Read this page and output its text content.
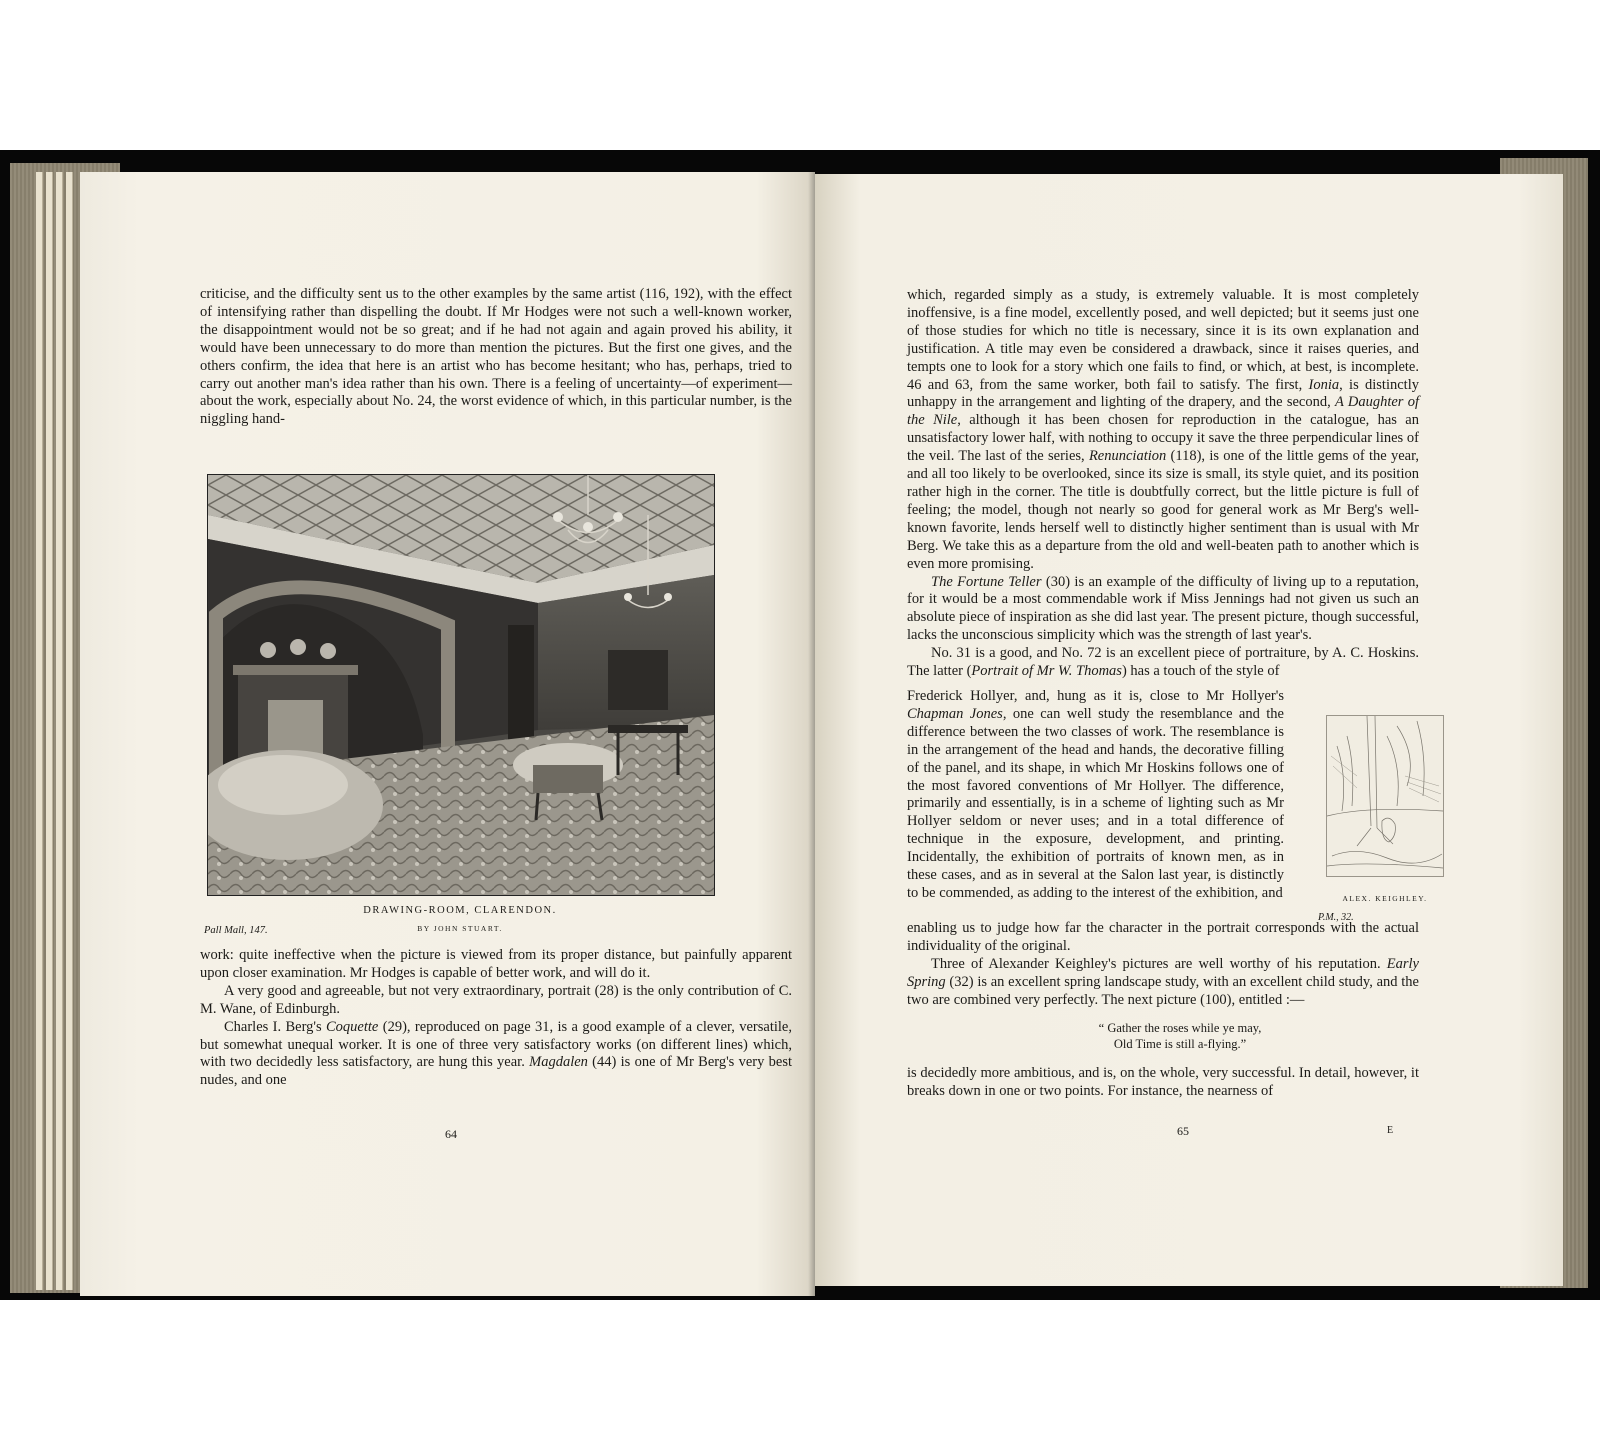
criticise, and the difficulty sent us to the other examples by the same artist (116, 192), with the effect of intensifying rather than dispelling the doubt. If Mr Hodges were not such a well-known worker, the disappointment would not be so great; and if he had not again and again proved his ability, it would have been unnecessary to do more than mention the pictures. But the first one gives, and the others confirm, the idea that here is an artist who has become hesitant; who has, perhaps, tried to carry out another man's idea rather than his own. There is a feeling of uncertainty—of experiment—about the work, especially about No. 24, the worst evidence of which, in this particular number, is the niggling hand-

DRAWING-ROOM, CLARENDON.
BY JOHN STUART.
Pall Mall, 147.

work: quite ineffective when the picture is viewed from its proper distance, but painfully apparent upon closer examination. Mr Hodges is capable of better work, and will do it.

A very good and agreeable, but not very extraordinary, portrait (28) is the only contribution of C. M. Wane, of Edinburgh.

Charles I. Berg's Coquette (29), reproduced on page 31, is a good example of a clever, versatile, but somewhat unequal worker. It is one of three very satisfactory works (on different lines) which, with two decidedly less satisfactory, are hung this year. Magdalen (44) is one of Mr Berg's very best nudes, and one

64

which, regarded simply as a study, is extremely valuable. It is most completely inoffensive, is a fine model, excellently posed, and well depicted; but it seems just one of those studies for which no title is necessary, since it is its own explanation and justification. A title may even be considered a drawback, since it raises queries, and tempts one to look for a story which one fails to find, or which, at best, is incomplete. 46 and 63, from the same worker, both fail to satisfy. The first, Ionia, is distinctly unhappy in the arrangement and lighting of the drapery, and the second, A Daughter of the Nile, although it has been chosen for reproduction in the catalogue, has an unsatisfactory lower half, with nothing to occupy it save the three perpendicular lines of the veil. The last of the series, Renunciation (118), is one of the little gems of the year, and all too likely to be overlooked, since its size is small, its style quiet, and its position rather high in the corner. The title is doubtfully correct, but the little picture is full of feeling; the model, though not nearly so good for general work as Mr Berg's well-known favorite, lends herself well to distinctly higher sentiment than is usual with Mr Berg. We take this as a departure from the old and well-beaten path to another which is even more promising.

The Fortune Teller (30) is an example of the difficulty of living up to a reputation, for it would be a most commendable work if Miss Jennings had not given us such an absolute piece of inspiration as she did last year. The present picture, though successful, lacks the unconscious simplicity which was the strength of last year's.

No. 31 is a good, and No. 72 is an excellent piece of portraiture, by A. C. Hoskins. The latter (Portrait of Mr W. Thomas) has a touch of the style of

Frederick Hollyer, and, hung as it is, close to Mr Hollyer's Chapman Jones, one can well study the resemblance and the difference between the two classes of work. The resemblance is in the arrangement of the head and hands, the decorative filling of the panel, and its shape, in which Mr Hoskins follows one of the most favored conventions of Mr Hollyer. The difference, primarily and essentially, is in a scheme of lighting such as Mr Hollyer seldom or never uses; and in a total difference of technique in the exposure, development, and printing. Incidentally, the exhibition of portraits of known men, as in these cases, and as in several at the Salon last year, is distinctly to be commended, as adding to the interest of the exhibition, and	ALEX. KEIGHLEY.
P.M., 32.

enabling us to judge how far the character in the portrait corresponds with the actual individuality of the original.

Three of Alexander Keighley's pictures are well worthy of his reputation. Early Spring (32) is an excellent spring landscape study, with an excellent child study, and the two are combined very perfectly. The next picture (100), entitled :—

“ Gather the roses while ye may,
Old Time is still a-flying.”

is decidedly more ambitious, and is, on the whole, very successful. In detail, however, it breaks down in one or two points. For instance, the nearness of

65	E
